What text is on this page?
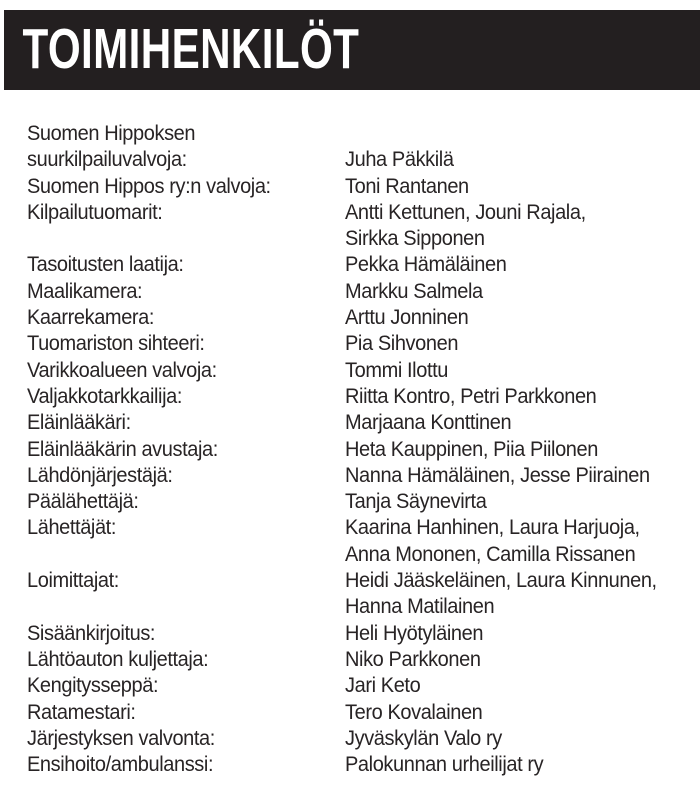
TOIMIHENKILÖT
Suomen Hippoksen
suurkilpailuvalvoja:	Juha Päkkilä
Suomen Hippos ry:n valvoja:	Toni Rantanen
Kilpailutuomarit:	Antti Kettunen, Jouni Rajala,
Sirkka Sipponen
Tasoitusten laatija:	Pekka Hämäläinen
Maalikamera:	Markku Salmela
Kaarrekamera:	Arttu Jonninen
Tuomariston sihteeri:	Pia Sihvonen
Varikkoalueen valvoja:	Tommi Ilottu
Valjakkotarkkailija:	Riitta Kontro, Petri Parkkonen
Eläinlääkäri:	Marjaana Konttinen
Eläinlääkärin avustaja:	Heta Kauppinen, Piia Piilonen
Lähdönjärjestäjä:	Nanna Hämäläinen, Jesse Piirainen
Päälähettäjä:	Tanja Säynevirta
Lähettäjät:	Kaarina Hanhinen, Laura Harjuoja,
Anna Mononen, Camilla Rissanen
Loimittajat:	Heidi Jääskeläinen, Laura Kinnunen,
Hanna Matilainen
Sisäänkirjoitus:	Heli Hyötyläinen
Lähtöauton kuljettaja:	Niko Parkkonen
Kengitysseppä:	Jari Keto
Ratamestari:	Tero Kovalainen
Järjestyksen valvonta:	Jyväskylän Valo ry
Ensihoito/ambulanssi:	Palokunnan urheilijat ry
